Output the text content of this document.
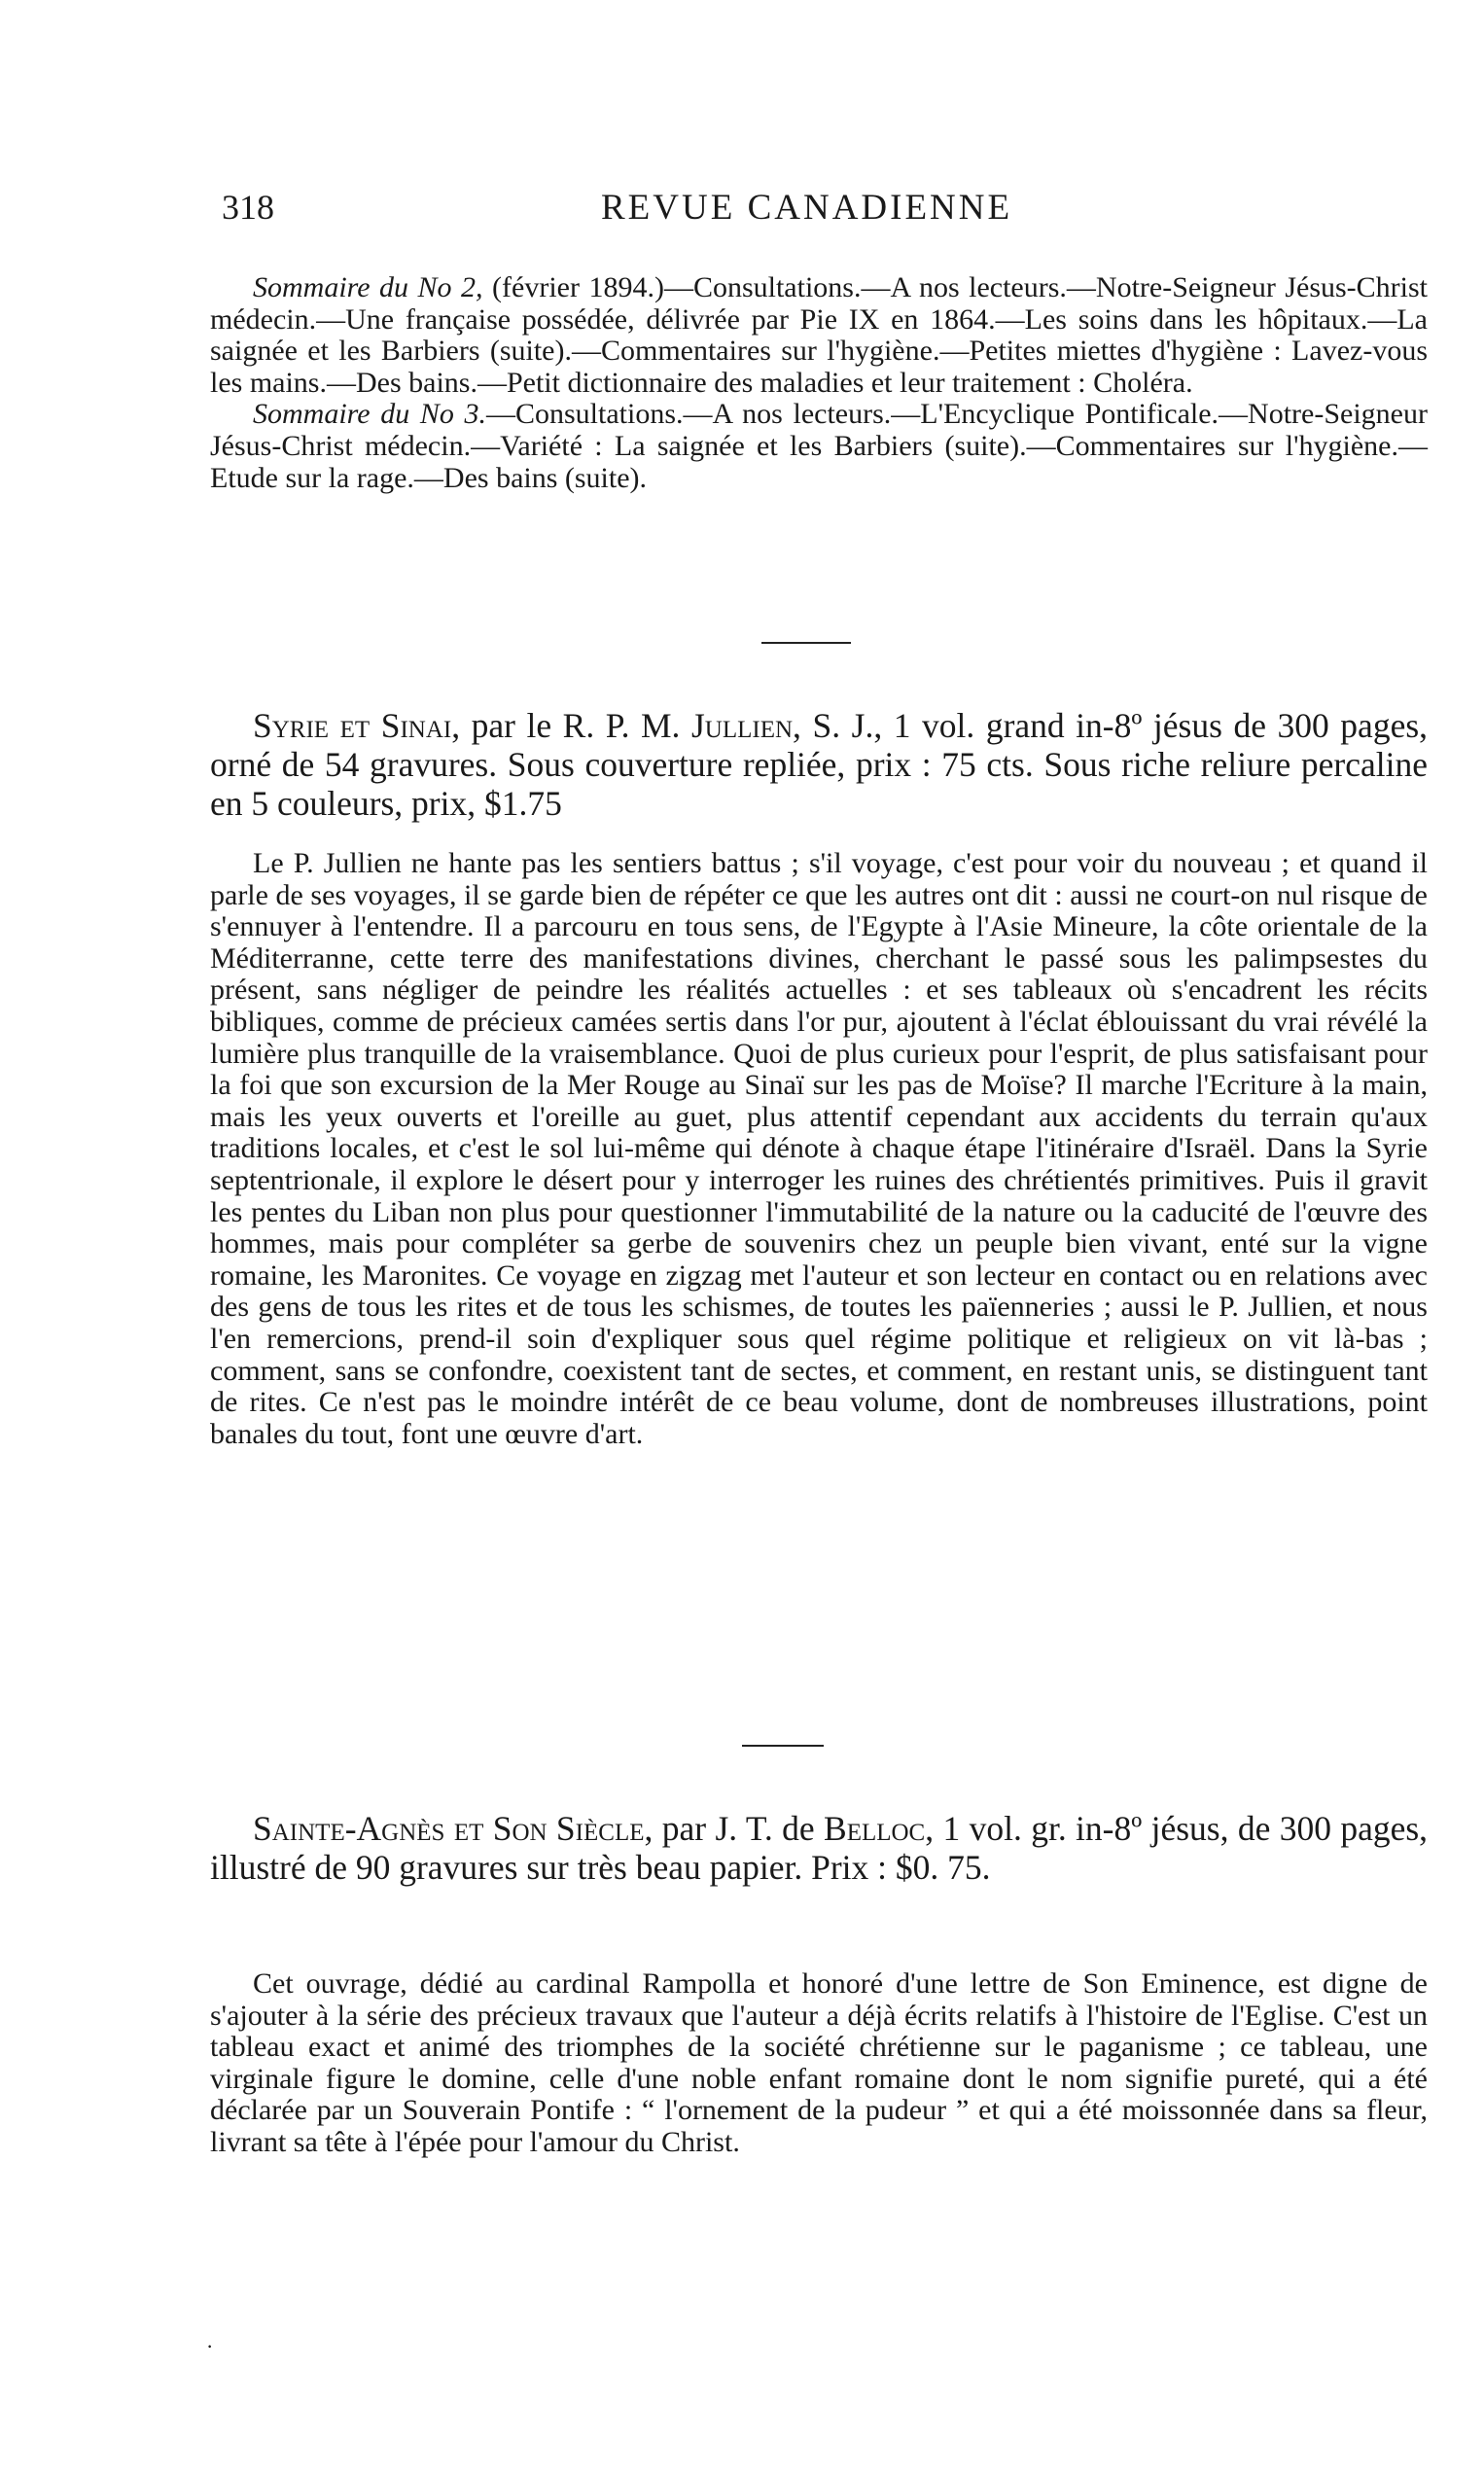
318	REVUE CANADIENNE

Sommaire du No 2, (février 1894.)—Consultations.—A nos lecteurs.—Notre-Seigneur Jésus-Christ médecin.—Une française possédée, délivrée par Pie IX en 1864.—Les soins dans les hôpitaux.—La saignée et les Barbiers (suite).—Commentaires sur l'hygiène.—Petites miettes d'hygiène : Lavez-vous les mains.—Des bains.—Petit dictionnaire des maladies et leur traitement : Choléra.

Sommaire du No 3.—Consultations.—A nos lecteurs.—L'Encyclique Pontificale.—Notre-Seigneur Jésus-Christ médecin.—Variété : La saignée et les Barbiers (suite).—Commentaires sur l'hygiène.—Etude sur la rage.—Des bains (suite).

Syrie et Sinai, par le R. P. M. Jullien, S. J., 1 vol. grand in-8º jésus de 300 pages, orné de 54 gravures. Sous couverture repliée, prix : 75 cts. Sous riche reliure percaline en 5 couleurs, prix, $1.75

Le P. Jullien ne hante pas les sentiers battus ; s'il voyage, c'est pour voir du nouveau ; et quand il parle de ses voyages, il se garde bien de répéter ce que les autres ont dit : aussi ne court-on nul risque de s'ennuyer à l'entendre. Il a parcouru en tous sens, de l'Egypte à l'Asie Mineure, la côte orientale de la Méditerranne, cette terre des manifestations divines, cherchant le passé sous les palimpsestes du présent, sans négliger de peindre les réalités actuelles : et ses tableaux où s'encadrent les récits bibliques, comme de précieux camées sertis dans l'or pur, ajoutent à l'éclat éblouissant du vrai révélé la lumière plus tranquille de la vraisemblance. Quoi de plus curieux pour l'esprit, de plus satisfaisant pour la foi que son excursion de la Mer Rouge au Sinaï sur les pas de Moïse? Il marche l'Ecriture à la main, mais les yeux ouverts et l'oreille au guet, plus attentif cependant aux accidents du terrain qu'aux traditions locales, et c'est le sol lui-même qui dénote à chaque étape l'itinéraire d'Israël. Dans la Syrie septentrionale, il explore le désert pour y interroger les ruines des chrétientés primitives. Puis il gravit les pentes du Liban non plus pour questionner l'immutabilité de la nature ou la caducité de l'œuvre des hommes, mais pour compléter sa gerbe de souvenirs chez un peuple bien vivant, enté sur la vigne romaine, les Maronites. Ce voyage en zigzag met l'auteur et son lecteur en contact ou en relations avec des gens de tous les rites et de tous les schismes, de toutes les païenneries ; aussi le P. Jullien, et nous l'en remercions, prend-il soin d'expliquer sous quel régime politique et religieux on vit là-bas ; comment, sans se confondre, coexistent tant de sectes, et comment, en restant unis, se distinguent tant de rites. Ce n'est pas le moindre intérêt de ce beau volume, dont de nombreuses illustrations, point banales du tout, font une œuvre d'art.

Sainte-Agnès et Son Siècle, par J. T. de Belloc, 1 vol. gr. in-8º jésus, de 300 pages, illustré de 90 gravures sur très beau papier. Prix : $0. 75.

Cet ouvrage, dédié au cardinal Rampolla et honoré d'une lettre de Son Eminence, est digne de s'ajouter à la série des précieux travaux que l'auteur a déjà écrits relatifs à l'histoire de l'Eglise. C'est un tableau exact et animé des triomphes de la société chrétienne sur le paganisme ; ce tableau, une virginale figure le domine, celle d'une noble enfant romaine dont le nom signifie pureté, qui a été déclarée par un Souverain Pontife : “ l'ornement de la pudeur ” et qui a été moissonnée dans sa fleur, livrant sa tête à l'épée pour l'amour du Christ.

·
